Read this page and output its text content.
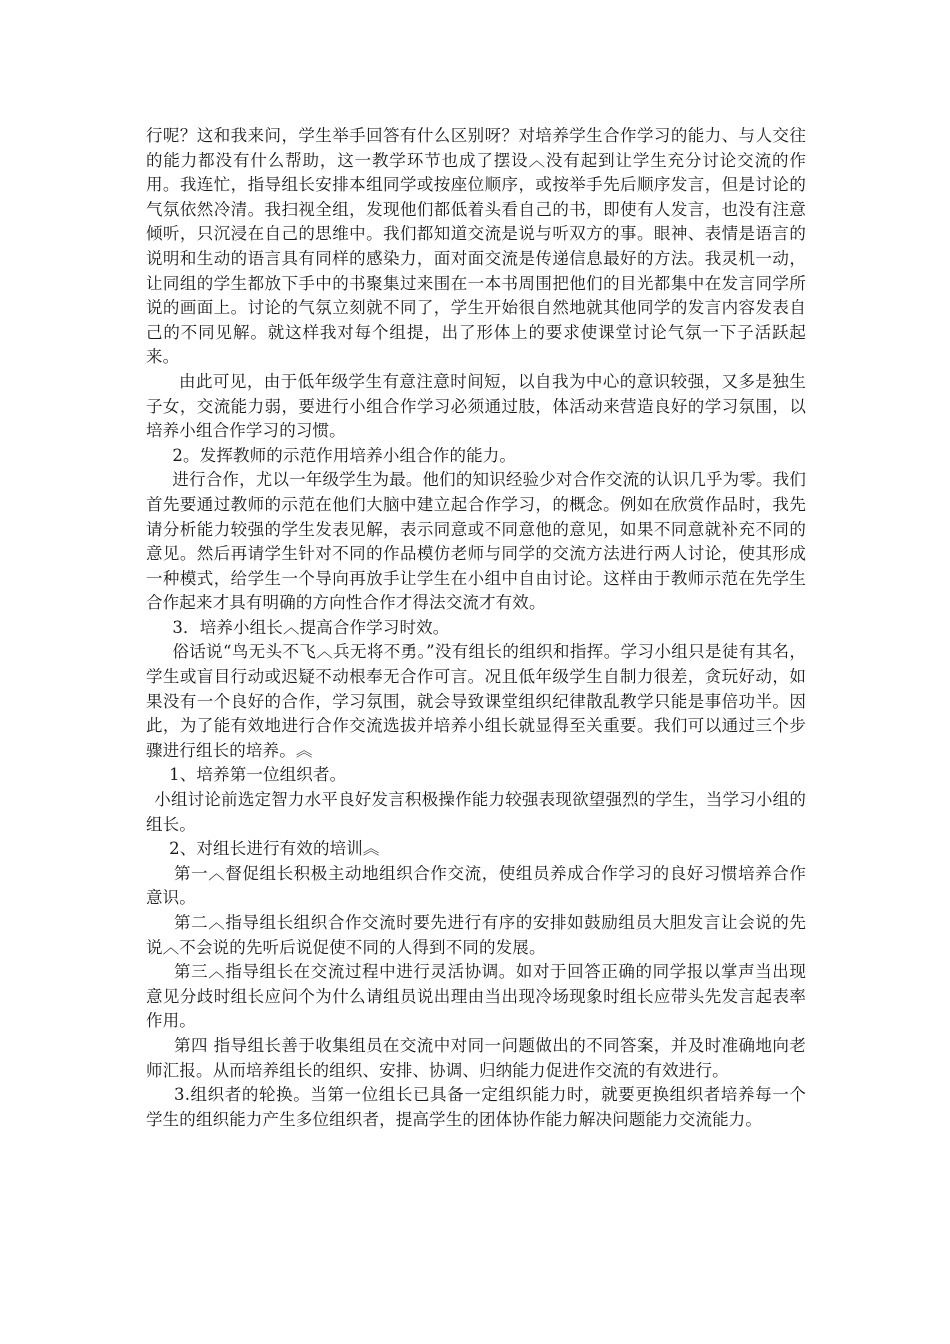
行呢？这和我来问，学生举手回答有什么区别呀？对培养学生合作学习的能力、与人交往的能力都没有什么帮助，这一教学环节也成了摆设︿没有起到让学生充分讨论交流的作用。我连忙，指导组长安排本组同学或按座位顺序，或按举手先后顺序发言，但是讨论的气氛依然冷清。我扫视全组，发现他们都低着头看自己的书，即使有人发言，也没有注意倾听，只沉浸在自己的思维中。我们都知道交流是说与听双方的事。眼神、表情是语言的说明和生动的语言具有同样的感染力，面对面交流是传递信息最好的方法。我灵机一动，让同组的学生都放下手中的书聚集过来围在一本书周围把他们的目光都集中在发言同学所说的画面上。讨论的气氛立刻就不同了，学生开始很自然地就其他同学的发言内容发表自己的不同见解。就这样我对每个组提，出了形体上的要求使课堂讨论气氛一下子活跃起来。

由此可见，由于低年级学生有意注意时间短，以自我为中心的意识较强，又多是独生子女，交流能力弱，要进行小组合作学习必须通过肢，体活动来营造良好的学习氛围，以培养小组合作学习的习惯。

2。发挥教师的示范作用培养小组合作的能力。

进行合作，尤以一年级学生为最。他们的知识经验少对合作交流的认识几乎为零。我们首先要通过教师的示范在他们大脑中建立起合作学习，的概念。例如在欣赏作品时，我先请分析能力较强的学生发表见解，表示同意或不同意他的意见，如果不同意就补充不同的意见。然后再请学生针对不同的作品模仿老师与同学的交流方法进行两人讨论，使其形成一种模式，给学生一个导向再放手让学生在小组中自由讨论。这样由于教师示范在先学生合作起来才具有明确的方向性合作才得法交流才有效。

3．培养小组长︿提高合作学习时效。

俗话说“鸟无头不飞︿兵无将不勇。”没有组长的组织和指挥。学习小组只是徒有其名，学生或盲目行动或迟疑不动根奉无合作可言。况且低年级学生自制力很差，贪玩好动，如果没有一个良好的合作，学习氛围，就会导致课堂组织纪律散乱教学只能是事倍功半。因此，为了能有效地进行合作交流选拔并培养小组长就显得至关重要。我们可以通过三个步骤进行组长的培养。︽

1、培养第一位组织者。

小组讨论前选定智力水平良好发言积极操作能力较强表现欲望强烈的学生，当学习小组的组长。

2、对组长进行有效的培训︽

第一︿督促组长积极主动地组织合作交流，使组员养成合作学习的良好习惯培养合作意识。

第二︿指导组长组织合作交流时要先进行有序的安排如鼓励组员大胆发言让会说的先说︿不会说的先听后说促使不同的人得到不同的发展。

第三︿指导组长在交流过程中进行灵活协调。如对于回答正确的同学报以掌声当出现意见分歧时组长应问个为什么请组员说出理由当出现冷场现象时组长应带头先发言起表率作用。

第四 指导组长善于收集组员在交流中对同一问题做出的不同答案，并及时准确地向老师汇报。从而培养组长的组织、安排、协调、归纳能力促进作交流的有效进行。

3.组织者的轮换。当第一位组长已具备一定组织能力时，就要更换组织者培养每一个学生的组织能力产生多位组织者，提高学生的团体协作能力解决问题能力交流能力。
